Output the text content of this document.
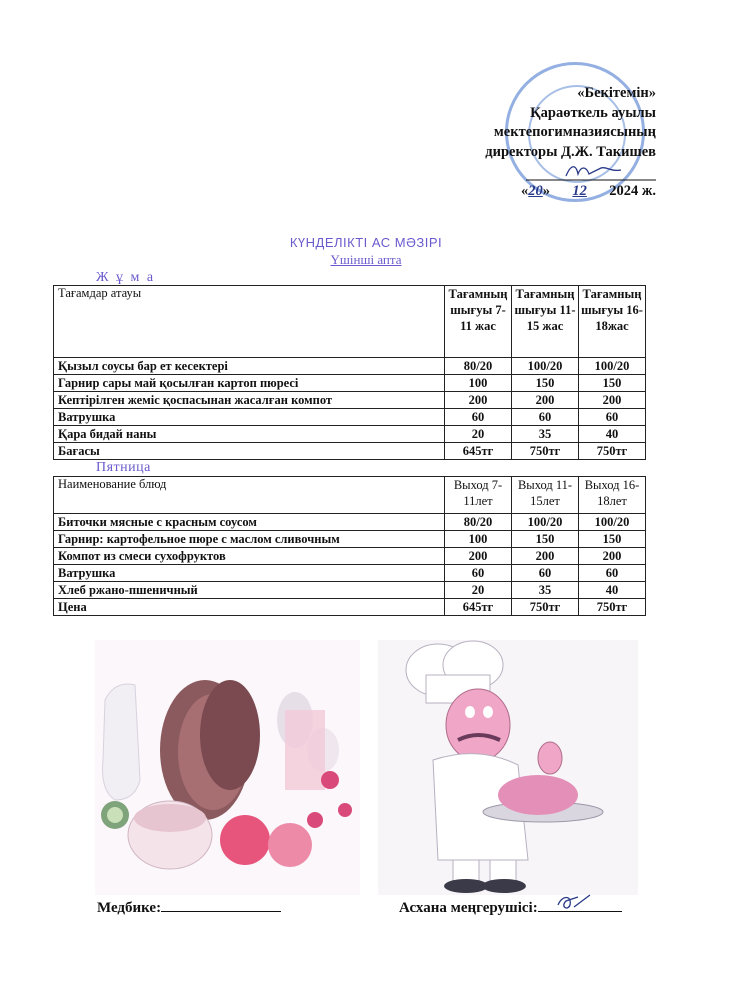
«Бекітемін»
Қараөткель ауылы
мектепогимназиясының
директоры Д.Ж. Такишев
«20» 12 2024 ж.
КҮНДЕЛІКТІ АС МӘЗІРІ
Үшінші апта
Ж ұ м а
Тағамдар атауы	Тағамның шығуы 7-11 жас	Тағамның шығуы 11-15 жас	Тағамның шығуы 16-18жас
Қызыл соусы бар ет кесектері	80/20	100/20	100/20
Гарнир сары май қосылған картоп пюресі	100	150	150
Кептірілген жеміс қоспасынан жасалған компот	200	200	200
Ватрушка	60	60	60
Қара бидай наны	20	35	40
Бағасы	645тг	750тг	750тг
Пятница
Наименование блюд	Выход 7-11лет	Выход 11-15лет	Выход 16-18лет
Биточки мясные с красным соусом	80/20	100/20	100/20
Гарнир: картофельное пюре с маслом сливочным	100	150	150
Компот из смеси сухофруктов	200	200	200
Ватрушка	60	60	60
Хлеб ржано-пшеничный	20	35	40
Цена	645тг	750тг	750тг
Медбике:	Асхана меңгерушісі:
